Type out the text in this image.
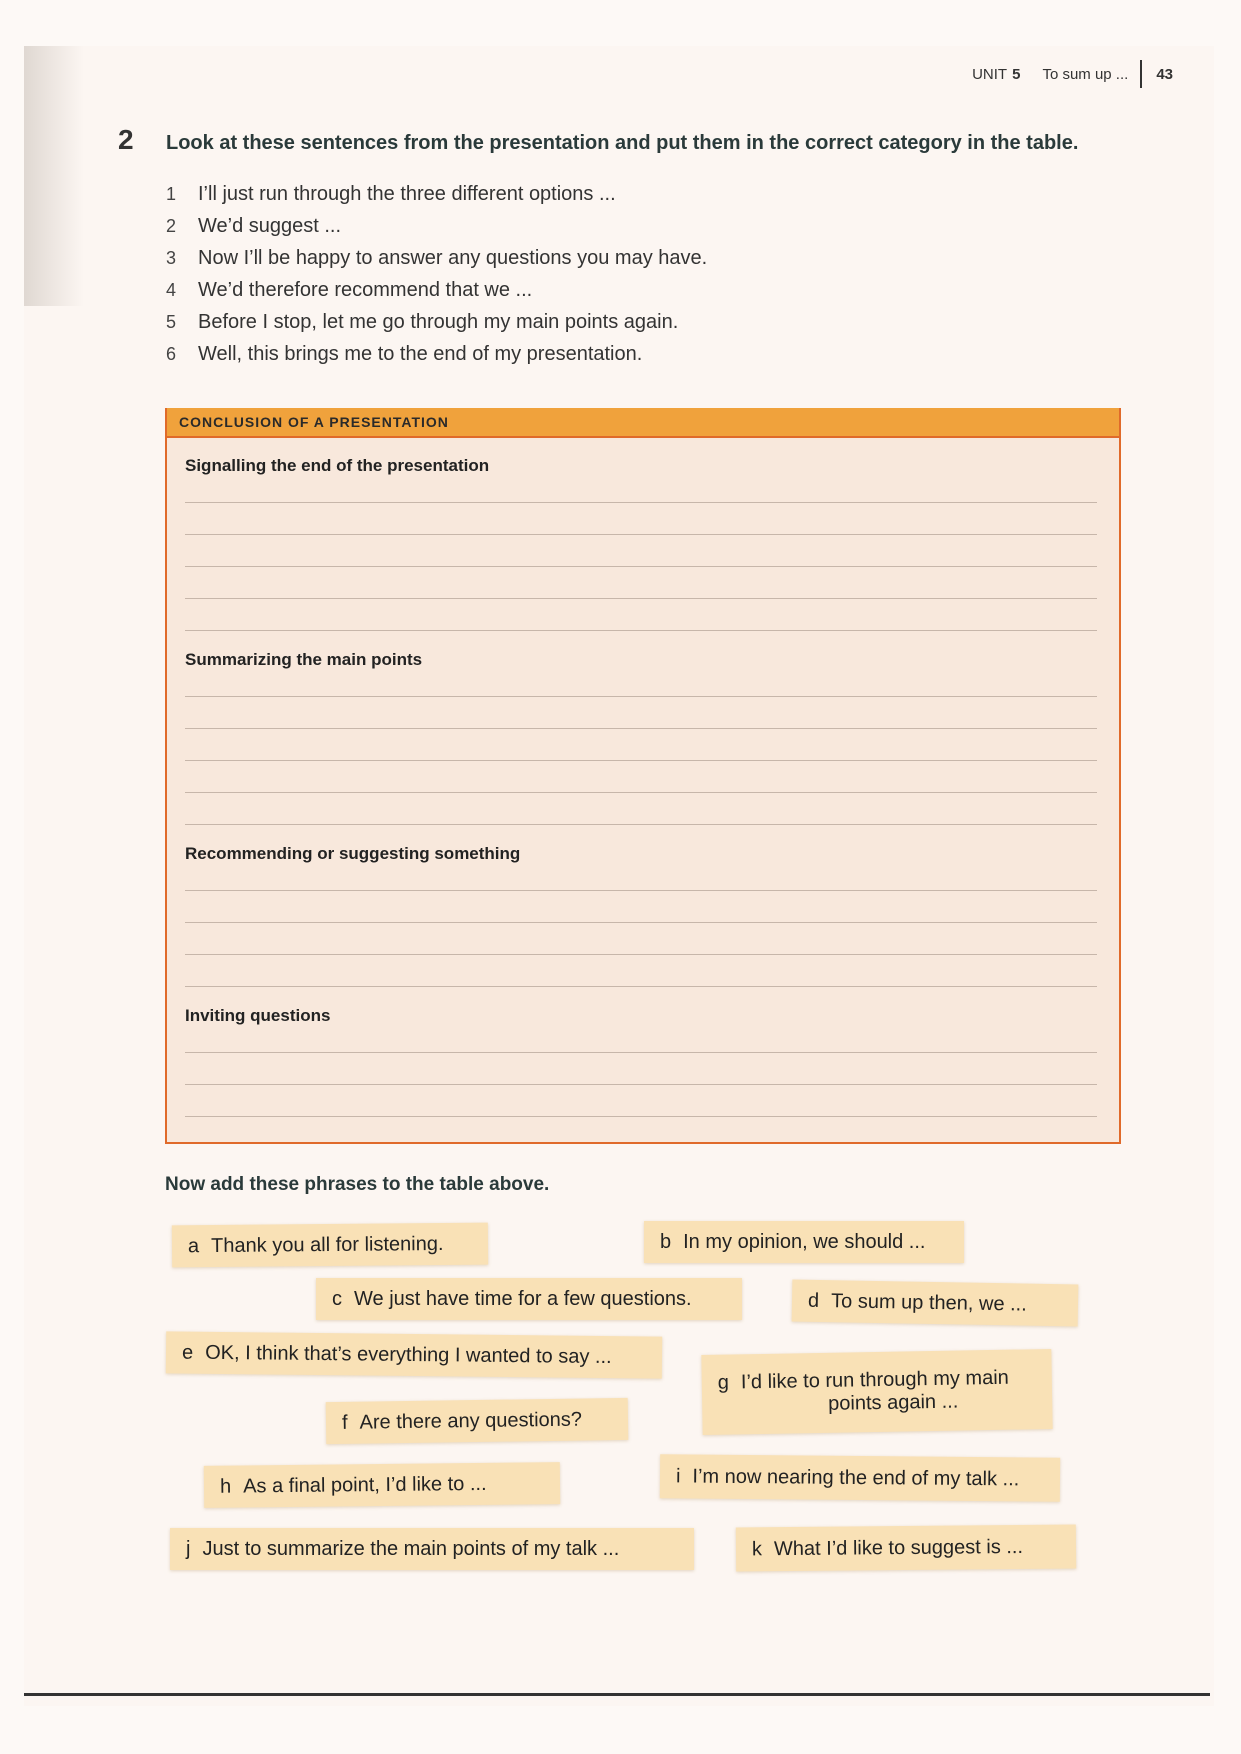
UNIT 5 To sum up ... 43
2 Look at these sentences from the presentation and put them in the correct category in the table.
1	I’ll just run through the three different options ...
2	We’d suggest ...
3	Now I’ll be happy to answer any questions you may have.
4	We’d therefore recommend that we ...
5	Before I stop, let me go through my main points again.
6	Well, this brings me to the end of my presentation.
CONCLUSION OF A PRESENTATION
Signalling the end of the presentation
Summarizing the main points
Recommending or suggesting something
Inviting questions
Now add these phrases to the table above.
a Thank you all for listening.	b In my opinion, we should ...
c We just have time for a few questions.	d To sum up then, we ...
e OK, I think that’s everything I wanted to say ...
f Are there any questions?
g I’d like to run through my main
points again ...
h As a final point, I’d like to ...	i I’m now nearing the end of my talk ...
j Just to summarize the main points of my talk ...	k What I’d like to suggest is ...
